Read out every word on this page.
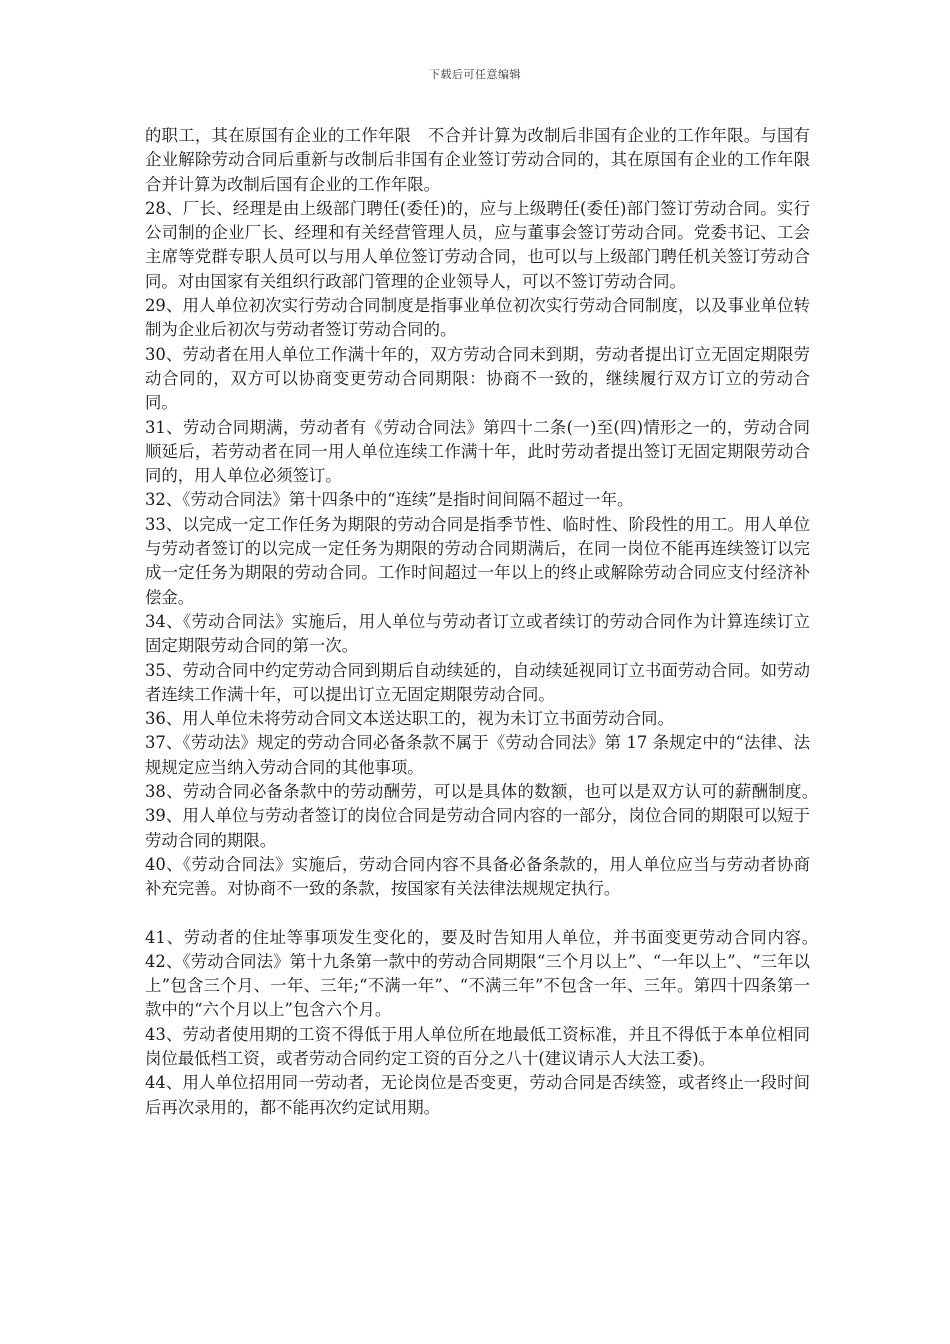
下载后可任意编辑

的职工，其在原国有企业的工作年限　不合并计算为改制后非国有企业的工作年限。与国有企业解除劳动合同后重新与改制后非国有企业签订劳动合同的，其在原国有企业的工作年限合并计算为改制后国有企业的工作年限。

28、厂长、经理是由上级部门聘任(委任)的，应与上级聘任(委任)部门签订劳动合同。实行公司制的企业厂长、经理和有关经营管理人员，应与董事会签订劳动合同。党委书记、工会主席等党群专职人员可以与用人单位签订劳动合同，也可以与上级部门聘任机关签订劳动合同。对由国家有关组织行政部门管理的企业领导人，可以不签订劳动合同。

29、用人单位初次实行劳动合同制度是指事业单位初次实行劳动合同制度，以及事业单位转制为企业后初次与劳动者签订劳动合同的。

30、劳动者在用人单位工作满十年的，双方劳动合同未到期，劳动者提出订立无固定期限劳动合同的，双方可以协商变更劳动合同期限：协商不一致的，继续履行双方订立的劳动合同。

31、劳动合同期满，劳动者有《劳动合同法》第四十二条(一)至(四)情形之一的，劳动合同顺延后，若劳动者在同一用人单位连续工作满十年，此时劳动者提出签订无固定期限劳动合同的，用人单位必须签订。

32、《劳动合同法》第十四条中的“连续”是指时间间隔不超过一年。

33、以完成一定工作任务为期限的劳动合同是指季节性、临时性、阶段性的用工。用人单位与劳动者签订的以完成一定任务为期限的劳动合同期满后，在同一岗位不能再连续签订以完成一定任务为期限的劳动合同。工作时间超过一年以上的终止或解除劳动合同应支付经济补偿金。

34、《劳动合同法》实施后，用人单位与劳动者订立或者续订的劳动合同作为计算连续订立固定期限劳动合同的第一次。

35、劳动合同中约定劳动合同到期后自动续延的，自动续延视同订立书面劳动合同。如劳动者连续工作满十年，可以提出订立无固定期限劳动合同。

36、用人单位未将劳动合同文本送达职工的，视为未订立书面劳动合同。

37、《劳动法》规定的劳动合同必备条款不属于《劳动合同法》第 17 条规定中的“法律、法规规定应当纳入劳动合同的其他事项。

38、劳动合同必备条款中的劳动酬劳，可以是具体的数额，也可以是双方认可的薪酬制度。　 39、用人单位与劳动者签订的岗位合同是劳动合同内容的一部分，岗位合同的期限可以短于劳动合同的期限。

40、《劳动合同法》实施后，劳动合同内容不具备必备条款的，用人单位应当与劳动者协商补充完善。对协商不一致的条款，按国家有关法律法规规定执行。

41、劳动者的住址等事项发生变化的，要及时告知用人单位，并书面变更劳动合同内容。　42、《劳动合同法》第十九条第一款中的劳动合同期限“三个月以上”、“一年以上”、“三年以上”包含三个月、一年、三年;“不满一年”、“不满三年”不包含一年、三年。第四十四条第一款中的“六个月以上”包含六个月。

43、劳动者使用期的工资不得低于用人单位所在地最低工资标准，并且不得低于本单位相同岗位最低档工资，或者劳动合同约定工资的百分之八十(建议请示人大法工委)。

44、用人单位招用同一劳动者，无论岗位是否变更，劳动合同是否续签，或者终止一段时间后再次录用的，都不能再次约定试用期。
